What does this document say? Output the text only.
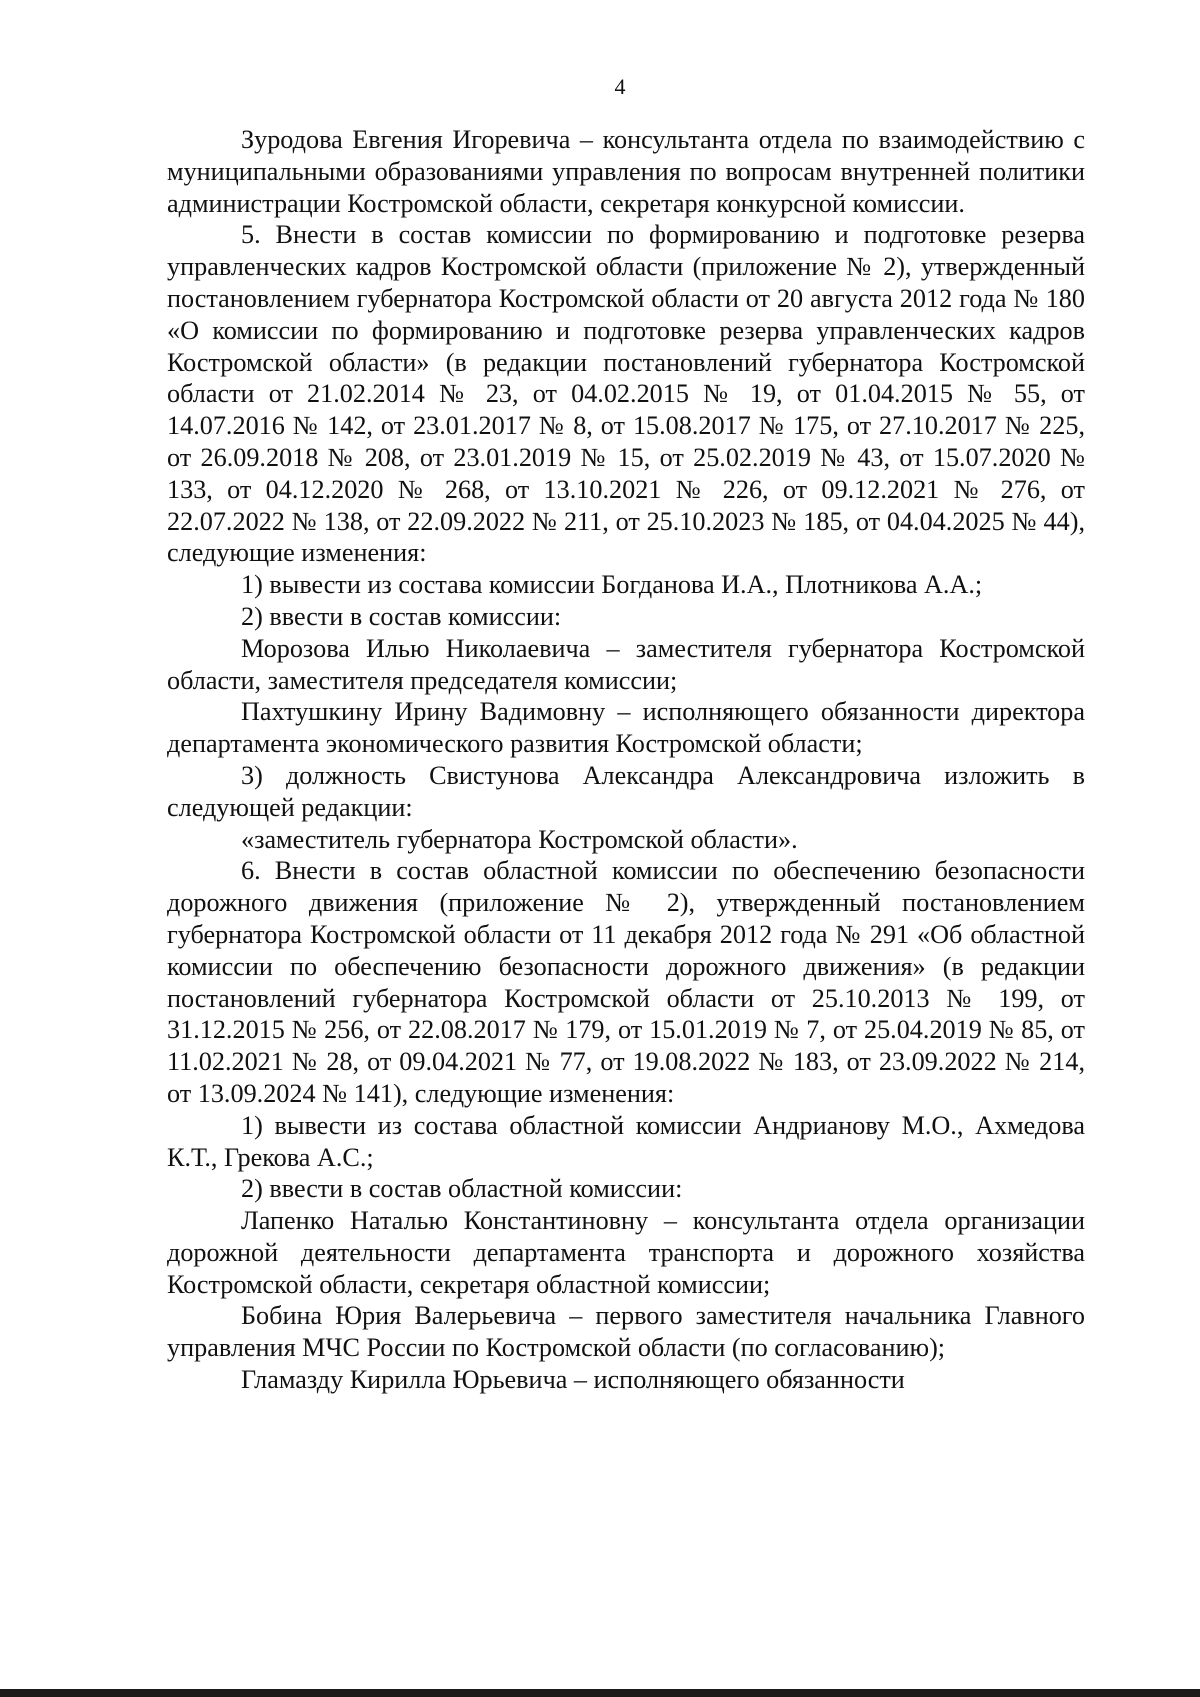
4

Зуродова Евгения Игоревича – консультанта отдела по взаимодействию с муниципальными образованиями управления по вопросам внутренней политики администрации Костромской области, секретаря конкурсной комиссии.

5. Внести в состав комиссии по формированию и подготовке резерва управленческих кадров Костромской области (приложение № 2), утвержденный постановлением губернатора Костромской области от 20 августа 2012 года № 180 «О комиссии по формированию и подготовке резерва управленческих кадров Костромской области» (в редакции постановлений губернатора Костромской области от 21.02.2014 № 23, от 04.02.2015 № 19, от 01.04.2015 № 55, от 14.07.2016 № 142, от 23.01.2017 № 8, от 15.08.2017 № 175, от 27.10.2017 № 225, от 26.09.2018 № 208, от 23.01.2019 № 15, от 25.02.2019 № 43, от 15.07.2020 № 133, от 04.12.2020 № 268, от 13.10.2021 № 226, от 09.12.2021 № 276, от 22.07.2022 № 138, от 22.09.2022 № 211, от 25.10.2023 № 185, от 04.04.2025 № 44), следующие изменения:

1) вывести из состава комиссии Богданова И.А., Плотникова А.А.;

2) ввести в состав комиссии:

Морозова Илью Николаевича – заместителя губернатора Костромской области, заместителя председателя комиссии;

Пахтушкину Ирину Вадимовну – исполняющего обязанности директора департамента экономического развития Костромской области;

3) должность Свистунова Александра Александровича изложить в следующей редакции:

«заместитель губернатора Костромской области».

6. Внести в состав областной комиссии по обеспечению безопасности дорожного движения (приложение № 2), утвержденный постановлением губернатора Костромской области от 11 декабря 2012 года № 291 «Об областной комиссии по обеспечению безопасности дорожного движения» (в редакции постановлений губернатора Костромской области от 25.10.2013 № 199, от 31.12.2015 № 256, от 22.08.2017 № 179, от 15.01.2019 № 7, от 25.04.2019 № 85, от 11.02.2021 № 28, от 09.04.2021 № 77, от 19.08.2022 № 183, от 23.09.2022 № 214, от 13.09.2024 № 141), следующие изменения:

1) вывести из состава областной комиссии Андрианову М.О., Ахмедова К.Т., Грекова А.С.;

2) ввести в состав областной комиссии:

Лапенко Наталью Константиновну – консультанта отдела организации дорожной деятельности департамента транспорта и дорожного хозяйства Костромской области, секретаря областной комиссии;

Бобина Юрия Валерьевича – первого заместителя начальника Главного управления МЧС России по Костромской области (по согласованию);

Гламазду Кирилла Юрьевича – исполняющего обязанности
